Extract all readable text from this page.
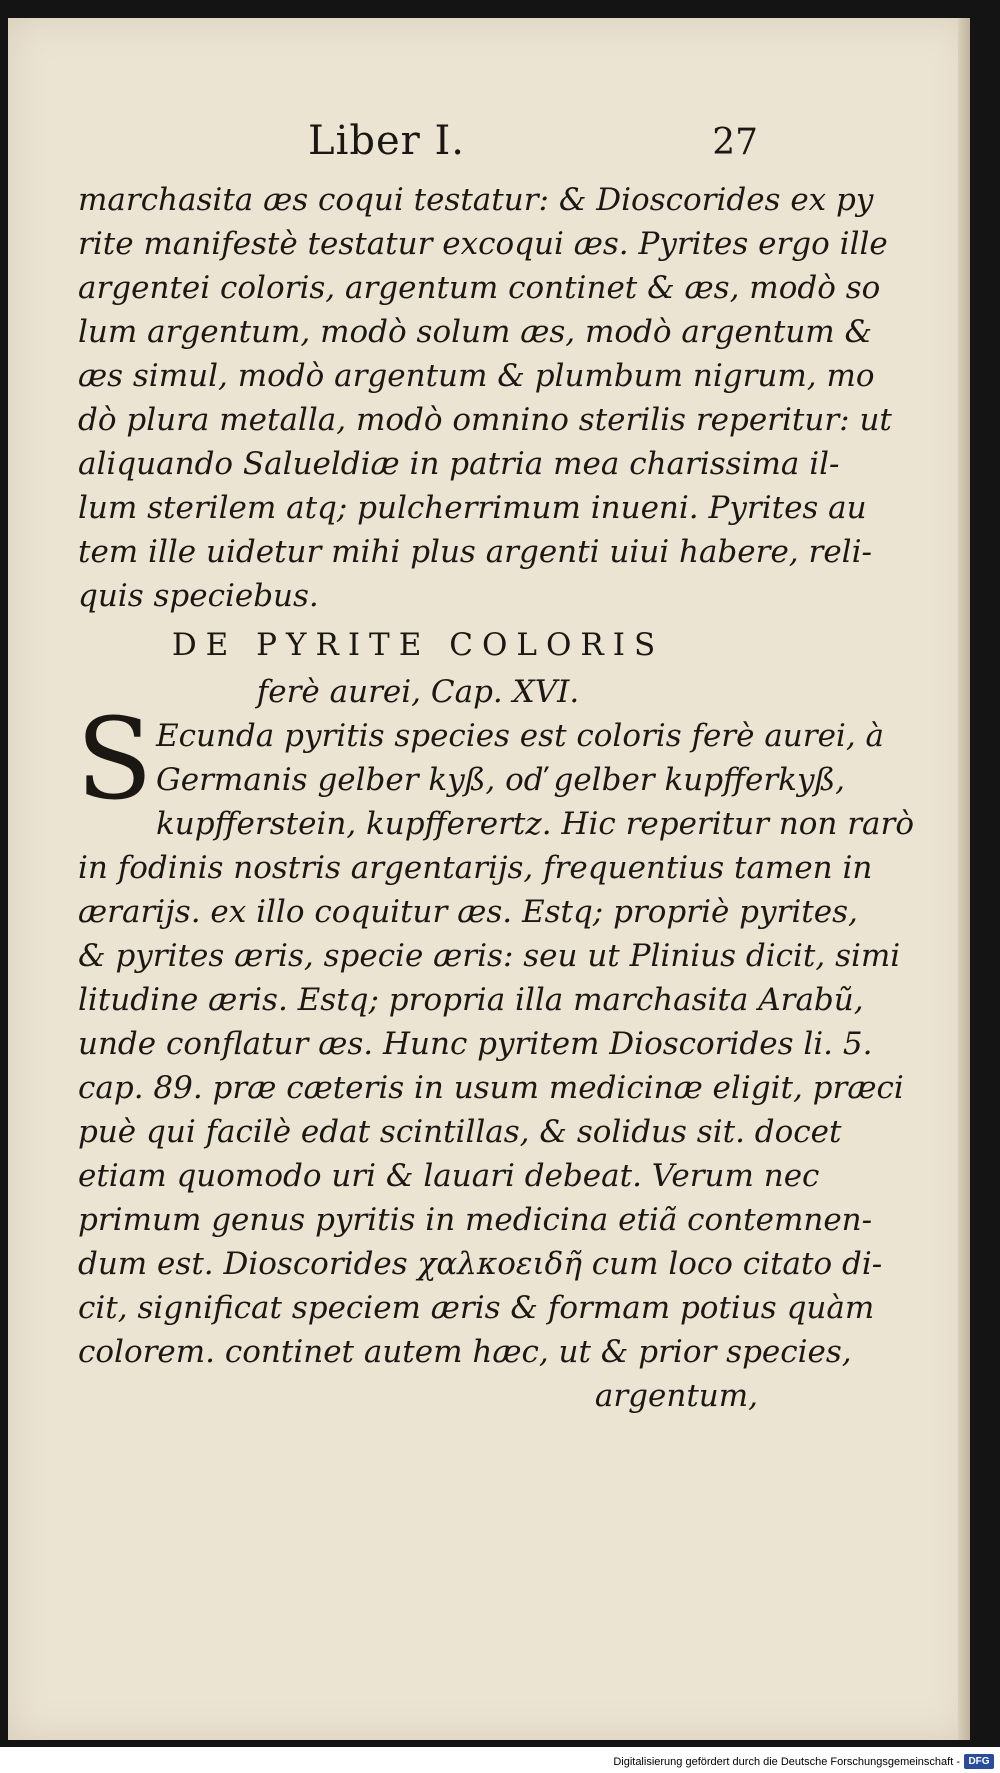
Liber I.	27
marchasita æs coqui testatur: & Dioscorides ex py
rite manifestè testatur excoqui æs. Pyrites ergo ille
argentei coloris, argentum continet & æs, modò so
lum argentum, modò solum æs, modò argentum &
æs simul, modò argentum & plumbum nigrum, mo
dò plura metalla, modò omnino sterilis reperitur: ut
aliquando Salueldiæ in patria mea charissima il-
lum sterilem atq; pulcherrimum inueni. Pyrites au
tem ille uidetur mihi plus argenti uiui habere, reli-
quis speciebus.
DE PYRITE COLORIS
ferè aurei, Cap. XVI.
S Ecunda pyritis species est coloris ferè aurei, à
Germanis gelber kyß, oď gelber kupfferkyß,
kupfferstein, kupfferertz. Hic reperitur non rarò
in fodinis nostris argentarijs, frequentius tamen in
ærarijs. ex illo coquitur æs. Estq; propriè pyrites,
& pyrites æris, specie æris: seu ut Plinius dicit, simi
litudine æris. Estq; propria illa marchasita Arabũ,
unde conflatur æs. Hunc pyritem Dioscorides li. 5.
cap. 89. præ cæteris in usum medicinæ eligit, præci
puè qui facilè edat scintillas, & solidus sit. docet
etiam quomodo uri & lauari debeat. Verum nec
primum genus pyritis in medicina etiã contemnen-
dum est. Dioscorides χαλκοειδῆ cum loco citato di-
cit, significat speciem æris & formam potius quàm
colorem. continet autem hæc, ut & prior species,
argentum,
Digitalisierung gefördert durch die Deutsche Forschungsgemeinschaft - DFG
